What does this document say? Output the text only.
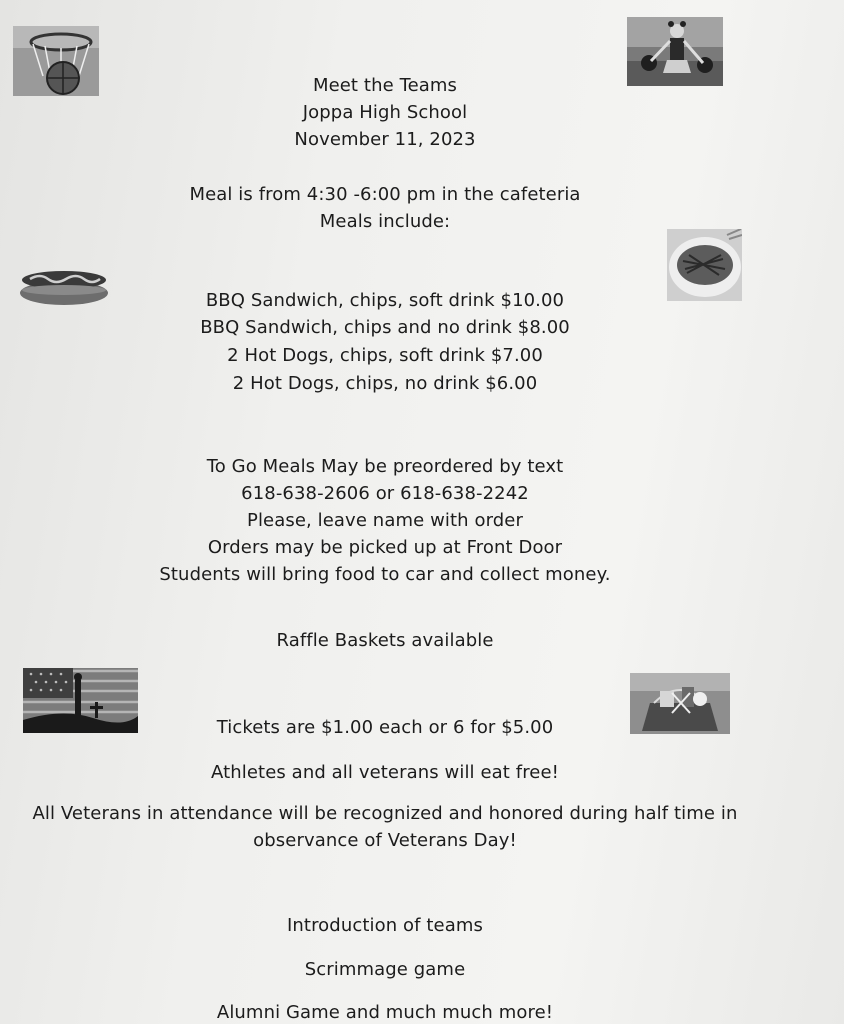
Meet the Teams
Joppa High School
November 11, 2023
Meal is from 4:30 -6:00 pm in the cafeteria
Meals include:
BBQ Sandwich, chips, soft drink $10.00
BBQ Sandwich, chips and no drink $8.00
2 Hot Dogs, chips, soft drink $7.00
2 Hot Dogs, chips, no drink $6.00
To Go Meals May be preordered by text
618-638-2606 or 618-638-2242
Please, leave name with order
Orders may be picked up at Front Door
Students will bring food to car and collect money.
Raffle Baskets available
Tickets are $1.00 each or 6 for $5.00
Athletes and all veterans will eat free!
All Veterans in attendance will be recognized and honored during half time in
observance of Veterans Day!
Introduction of teams
Scrimmage game
Alumni Game and much much more!
